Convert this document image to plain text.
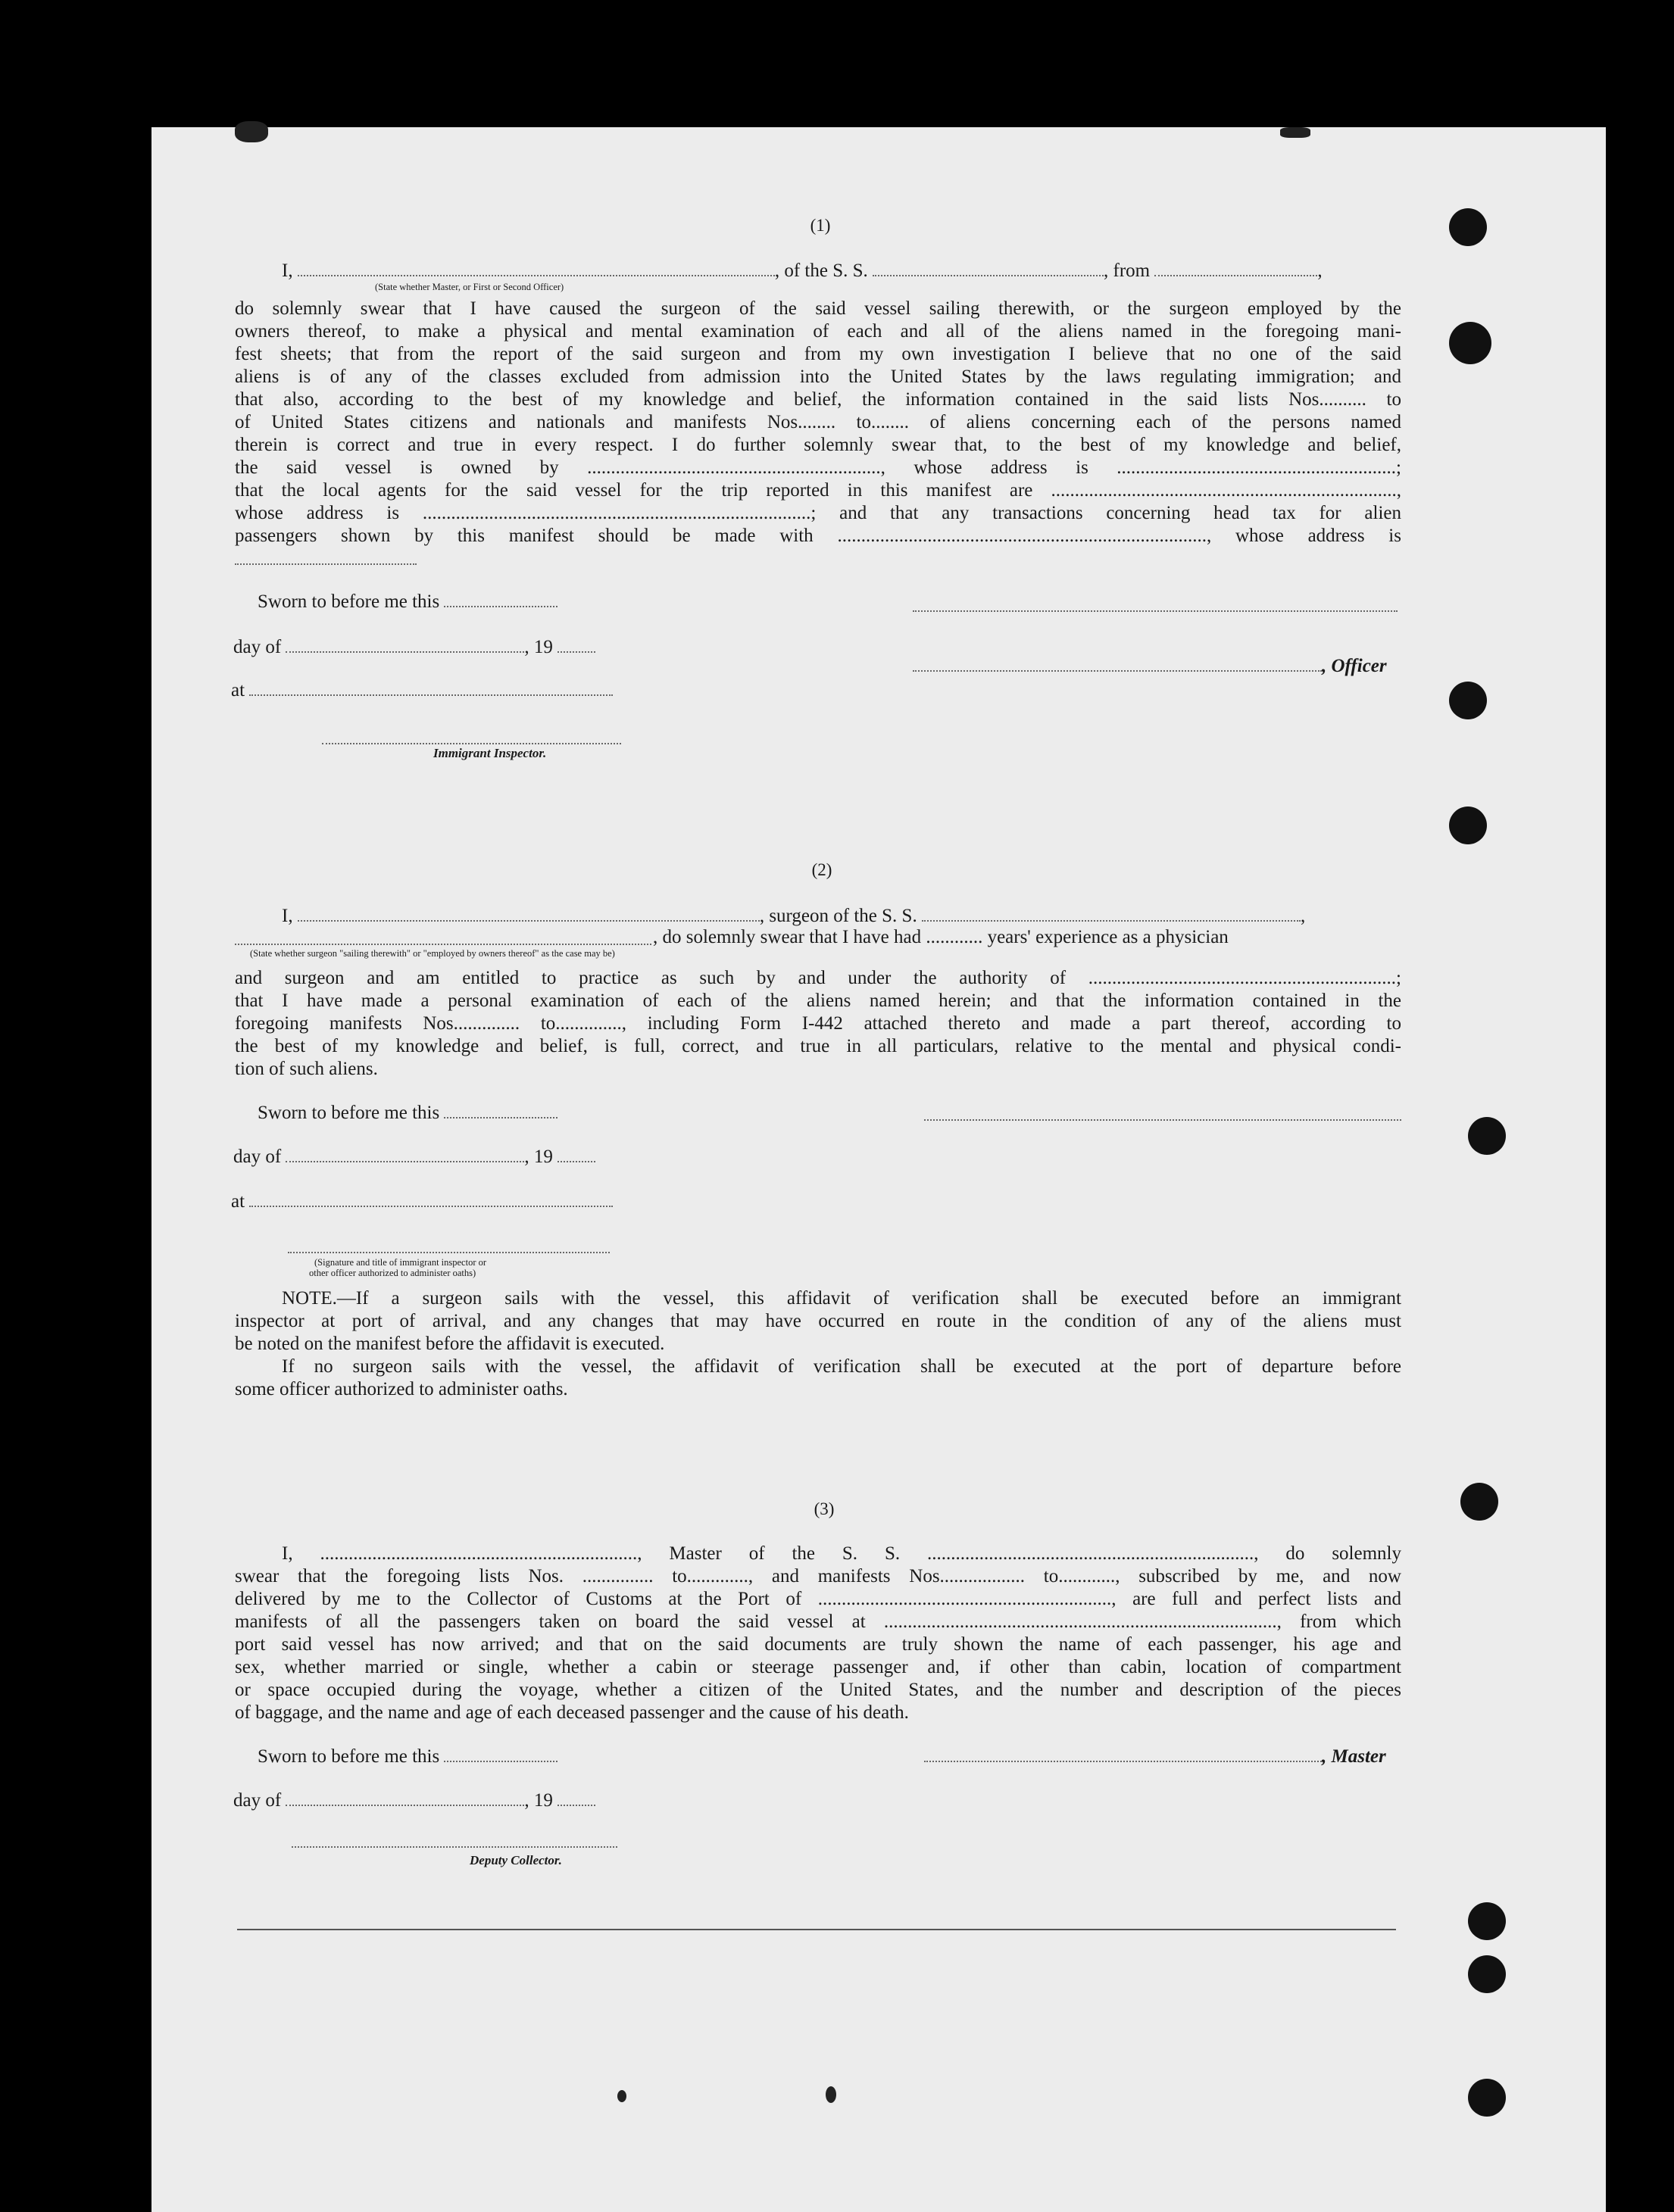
(1)
I,	, of the S. S.	, from	,
(State whether Master, or First or Second Officer)
do solemnly swear that I have caused the surgeon of the said vessel sailing therewith, or the surgeon employed by the
owners thereof, to make a physical and mental examination of each and all of the aliens named in the foregoing mani-
fest sheets; that from the report of the said surgeon and from my own investigation I believe that no one of the said
aliens is of any of the classes excluded from admission into the United States by the laws regulating immigration; and
that also, according to the best of my knowledge and belief, the information contained in the said lists Nos.......... to
of United States citizens and nationals and manifests Nos........ to........ of aliens concerning each of the persons named
therein is correct and true in every respect. I do further solemnly swear that, to the best of my knowledge and belief,
the said vessel is owned by .............................................................., whose address is ...........................................................;
that the local agents for the said vessel for the trip reported in this manifest are .........................................................................,
whose address is ..................................................................................; and that any transactions concerning head tax for alien
passengers shown by this manifest should be made with .............................................................................., whose address is
Sworn to before me this
day of	, 19
, Officer
at
Immigrant Inspector.
(2)
I,	, surgeon of the S. S.	,
, do solemnly swear that I have had ............ years' experience as a physician
(State whether surgeon "sailing therewith" or "employed by owners thereof" as the case may be)
and surgeon and am entitled to practice as such by and under the authority of .................................................................;
that I have made a personal examination of each of the aliens named herein; and that the information contained in the
foregoing manifests Nos.............. to.............., including Form I-442 attached thereto and made a part thereof, according to
the best of my knowledge and belief, is full, correct, and true in all particulars, relative to the mental and physical condi-
tion of such aliens.
Sworn to before me this
day of	, 19
at
(Signature and title of immigrant inspector or
other officer authorized to administer oaths)
NOTE.—If a surgeon sails with the vessel, this affidavit of verification shall be executed before an immigrant
inspector at port of arrival, and any changes that may have occurred en route in the condition of any of the aliens must
be noted on the manifest before the affidavit is executed.
If no surgeon sails with the vessel, the affidavit of verification shall be executed at the port of departure before
some officer authorized to administer oaths.
(3)
I, ..................................................................., Master of the S. S. ....................................................................., do solemnly
swear that the foregoing lists Nos. ............... to............., and manifests Nos.................. to............, subscribed by me, and now
delivered by me to the Collector of Customs at the Port of .............................................................., are full and perfect lists and
manifests of all the passengers taken on board the said vessel at ..................................................................................., from which
port said vessel has now arrived; and that on the said documents are truly shown the name of each passenger, his age and
sex, whether married or single, whether a cabin or steerage passenger and, if other than cabin, location of compartment
or space occupied during the voyage, whether a citizen of the United States, and the number and description of the pieces
of baggage, and the name and age of each deceased passenger and the cause of his death.
Sworn to before me this	, Master
day of	, 19
Deputy Collector.
